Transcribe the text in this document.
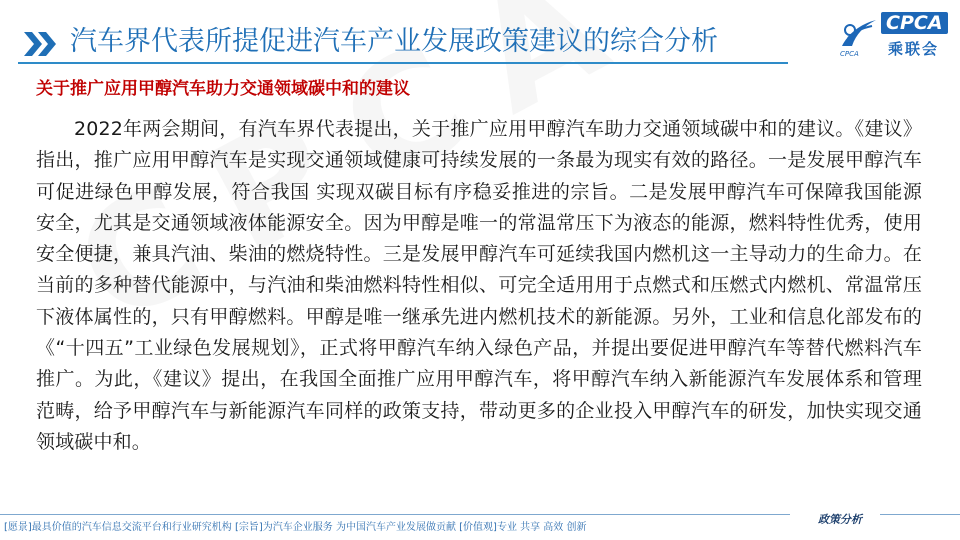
汽车界代表所提促进汽车产业发展政策建议的综合分析
CPCA
乘联会
CPCA
关于推广应用甲醇汽车助力交通领域碳中和的建议

2022年两会期间，有汽车界代表提出，关于推广应用甲醇汽车助力交通领域碳中和的建议。《建议》指出，推广应用甲醇汽车是实现交通领域健康可持续发展的一条最为现实有效的路径。一是发展甲醇汽车可促进绿色甲醇发展，符合我国 实现双碳目标有序稳妥推进的宗旨。二是发展甲醇汽车可保障我国能源安全，尤其是交通领域液体能源安全。因为甲醇是唯一的常温常压下为液态的能源，燃料特性优秀，使用安全便捷，兼具汽油、柴油的燃烧特性。三是发展甲醇汽车可延续我国内燃机这一主导动力的生命力。在当前的多种替代能源中，与汽油和柴油燃料特性相似、可完全适用用于点燃式和压燃式内燃机、常温常压下液体属性的，只有甲醇燃料。甲醇是唯一继承先进内燃机技术的新能源。另外，工业和信息化部发布的《“十四五”工业绿色发展规划》，正式将甲醇汽车纳入绿色产品，并提出要促进甲醇汽车等替代燃料汽车推广。为此，《建议》提出，在我国全面推广应用甲醇汽车，将甲醇汽车纳入新能源汽车发展体系和管理范畴，给予甲醇汽车与新能源汽车同样的政策支持，带动更多的企业投入甲醇汽车的研发，加快实现交通领域碳中和。

政策分析
[愿景]最具价值的汽车信息交流平台和行业研究机构 [宗旨]为汽车企业服务 为中国汽车产业发展做贡献 [价值观]专业 共享 高效 创新
